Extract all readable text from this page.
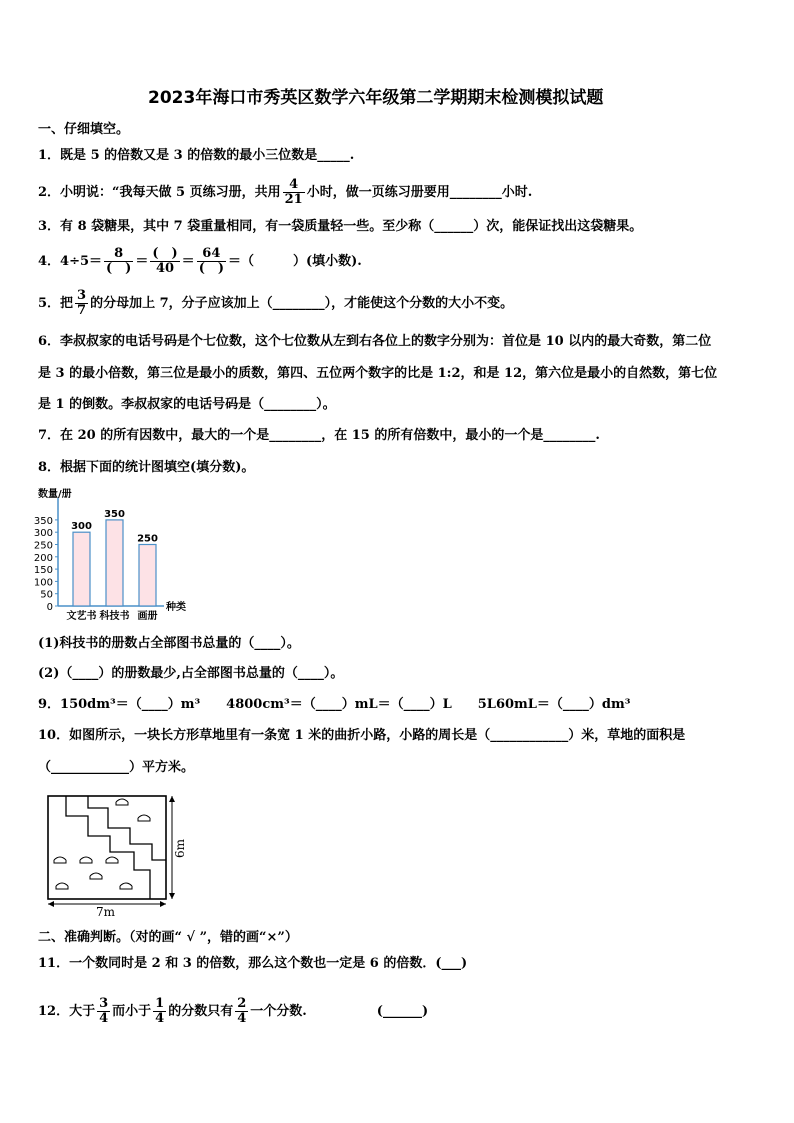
2023年海口市秀英区数学六年级第二学期期末检测模拟试题
一、仔细填空。
1．既是 5 的倍数又是 3 的倍数的最小三位数是_____.
2．小明说：“我每天做 5 页练习册，共用 $\frac{4}{21}$ 小时，做一页练习册要用________小时.
3．有 8 袋糖果，其中 7 袋重量相同，有一袋质量轻一些。至少称（______）次，能保证找出这袋糖果。
4．$4\div 5= \frac{8}{( )} = \frac{( )}{40} = \frac{64}{( )}$ ＝（　　　）(填小数).
5．把 $\frac{3}{7}$ 的分母加上 7，分子应该加上（________），才能使这个分数的大小不变。
6．李叔叔家的电话号码是个七位数，这个七位数从左到右各位上的数字分别为：首位是 10 以内的最大奇数，第二位
是 3 的最小倍数，第三位是最小的质数，第四、五位两个数字的比是 1:2，和是 12，第六位是最小的自然数，第七位
是 1 的倒数。李叔叔家的电话号码是（________）。
7．在 20 的所有因数中，最大的一个是________，在 15 的所有倍数中，最小的一个是________.
8．根据下面的统计图填空(填分数)。
数量/册
种类
350
300
250
200
150
100
50
0
300
文艺书
350
科技书
250
画册
(1)科技书的册数占全部图书总量的（____）。
(2)（____）的册数最少,占全部图书总量的（____）。
9．150dm³＝（____）m³　　4800cm³＝（____）mL＝（____）L　　5L60mL＝（____）dm³
10．如图所示，一块长方形草地里有一条宽 1 米的曲折小路，小路的周长是（____________）米，草地的面积是
（____________）平方米。
7m
6m
二、准确判断。（对的画“ √ ”，错的画“×”）
11．一个数同时是 2 和 3 的倍数，那么这个数也一定是 6 的倍数．(___)
12．大于 $\frac{3}{4}$ 而小于 $\frac{1}{4}$ 的分数只有 $\frac{2}{4}$ 一个分数.	(______)
